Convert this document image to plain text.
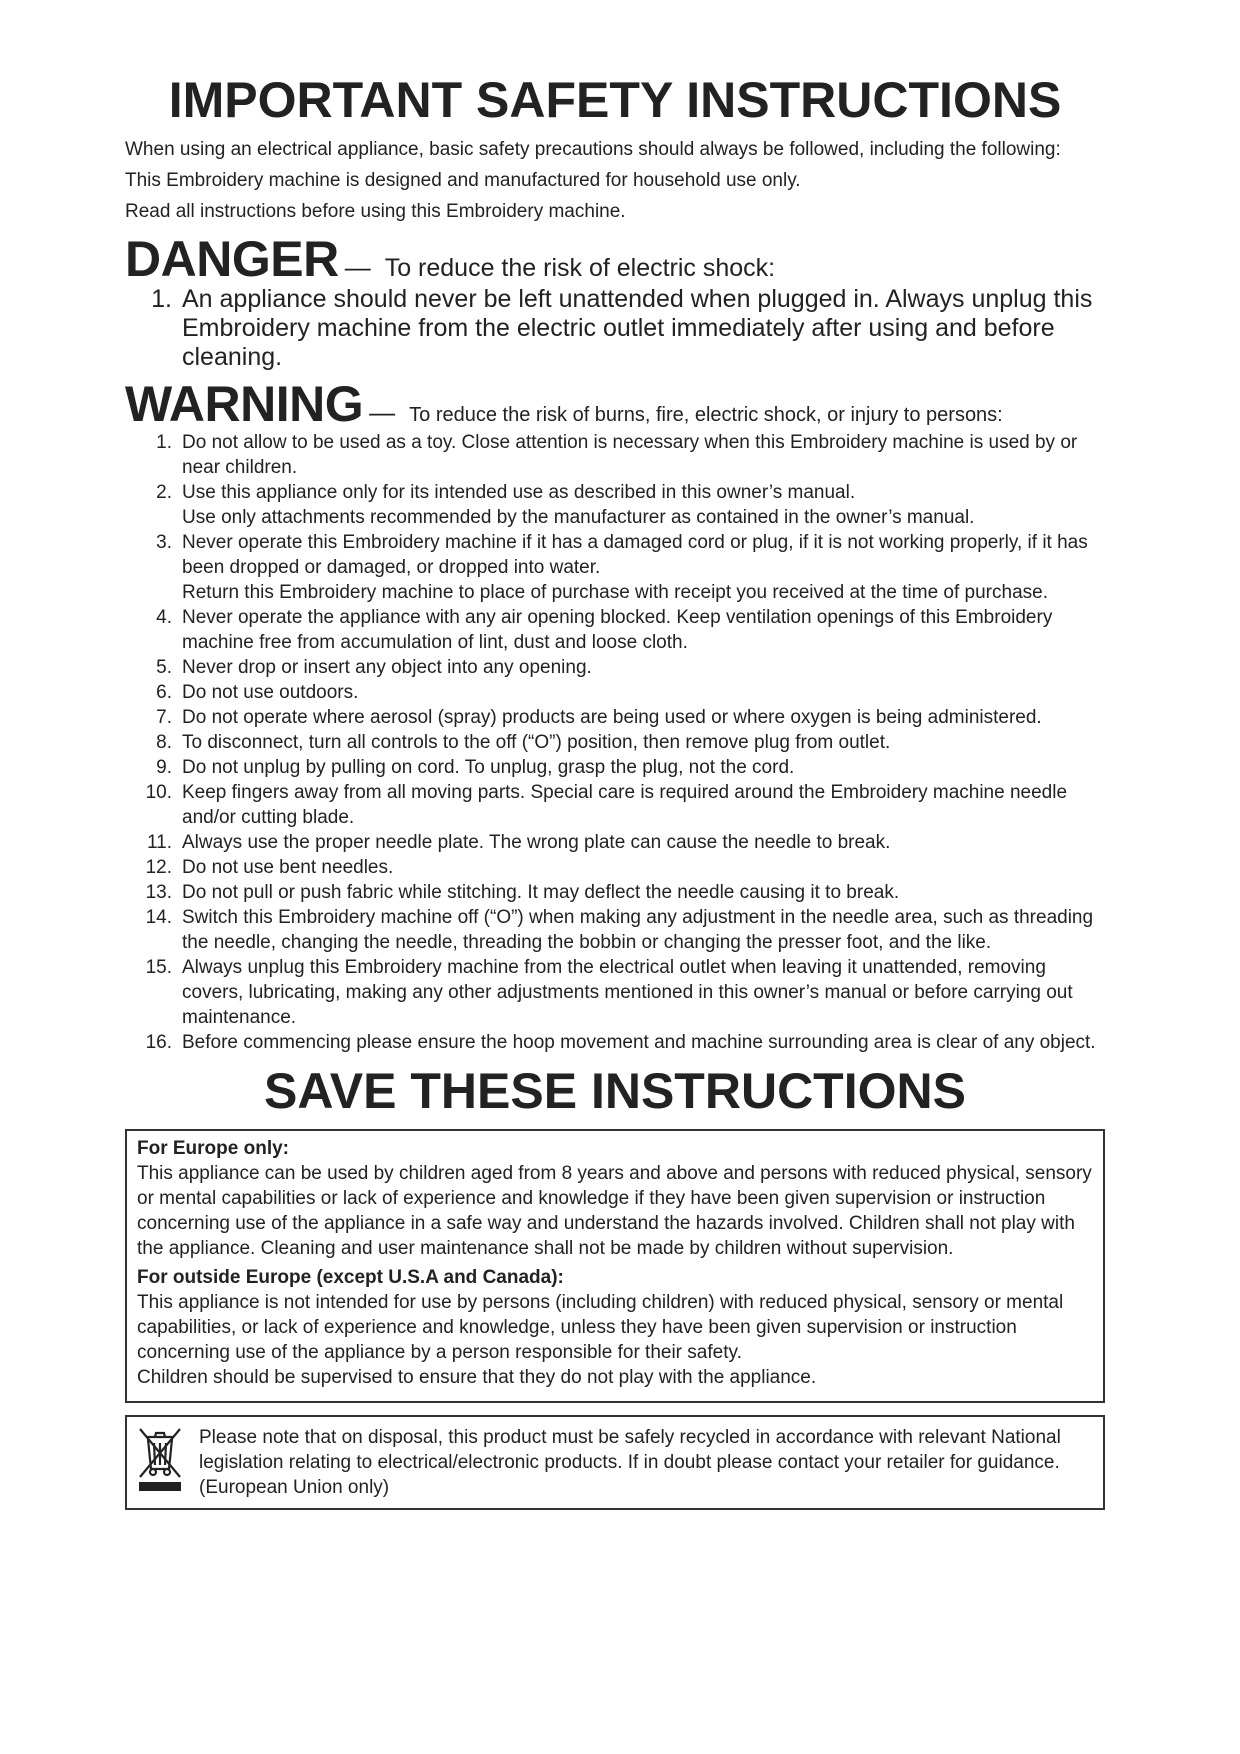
IMPORTANT SAFETY INSTRUCTIONS

When using an electrical appliance, basic safety precautions should always be followed, including the following:

This Embroidery machine is designed and manufactured for household use only.

Read all instructions before using this Embroidery machine.

DANGER — To reduce the risk of electric shock:
1. An appliance should never be left unattended when plugged in. Always unplug this Embroidery machine from the electric outlet immediately after using and before cleaning.
WARNING — To reduce the risk of burns, fire, electric shock, or injury to persons:
1. Do not allow to be used as a toy. Close attention is necessary when this Embroidery machine is used by or near children.
2. Use this appliance only for its intended use as described in this owner’s manual.
Use only attachments recommended by the manufacturer as contained in the owner’s manual.
3. Never operate this Embroidery machine if it has a damaged cord or plug, if it is not working properly, if it has been dropped or damaged, or dropped into water.
Return this Embroidery machine to place of purchase with receipt you received at the time of purchase.
4. Never operate the appliance with any air opening blocked. Keep ventilation openings of this Embroidery machine free from accumulation of lint, dust and loose cloth.
5. Never drop or insert any object into any opening.
6. Do not use outdoors.
7. Do not operate where aerosol (spray) products are being used or where oxygen is being administered.
8. To disconnect, turn all controls to the off (“O”) position, then remove plug from outlet.
9. Do not unplug by pulling on cord. To unplug, grasp the plug, not the cord.
10. Keep fingers away from all moving parts. Special care is required around the Embroidery machine needle and/or cutting blade.
11. Always use the proper needle plate. The wrong plate can cause the needle to break.
12. Do not use bent needles.
13. Do not pull or push fabric while stitching. It may deflect the needle causing it to break.
14. Switch this Embroidery machine off (“O”) when making any adjustment in the needle area, such as threading the needle, changing the needle, threading the bobbin or changing the presser foot, and the like.
15. Always unplug this Embroidery machine from the electrical outlet when leaving it unattended, removing covers, lubricating, making any other adjustments mentioned in this owner’s manual or before carrying out maintenance.
16. Before commencing please ensure the hoop movement and machine surrounding area is clear of any object.
SAVE THESE INSTRUCTIONS
For Europe only:

This appliance can be used by children aged from 8 years and above and persons with reduced physical, sensory or mental capabilities or lack of experience and knowledge if they have been given supervision or instruction concerning use of the appliance in a safe way and understand the hazards involved. Children shall not play with the appliance. Cleaning and user maintenance shall not be made by children without supervision.

For outside Europe (except U.S.A and Canada):

This appliance is not intended for use by persons (including children) with reduced physical, sensory or mental capabilities, or lack of experience and knowledge, unless they have been given supervision or instruction concerning use of the appliance by a person responsible for their safety.
Children should be supervised to ensure that they do not play with the appliance.

Please note that on disposal, this product must be safely recycled in accordance with relevant National legislation relating to electrical/electronic products. If in doubt please contact your retailer for guidance. (European Union only)
